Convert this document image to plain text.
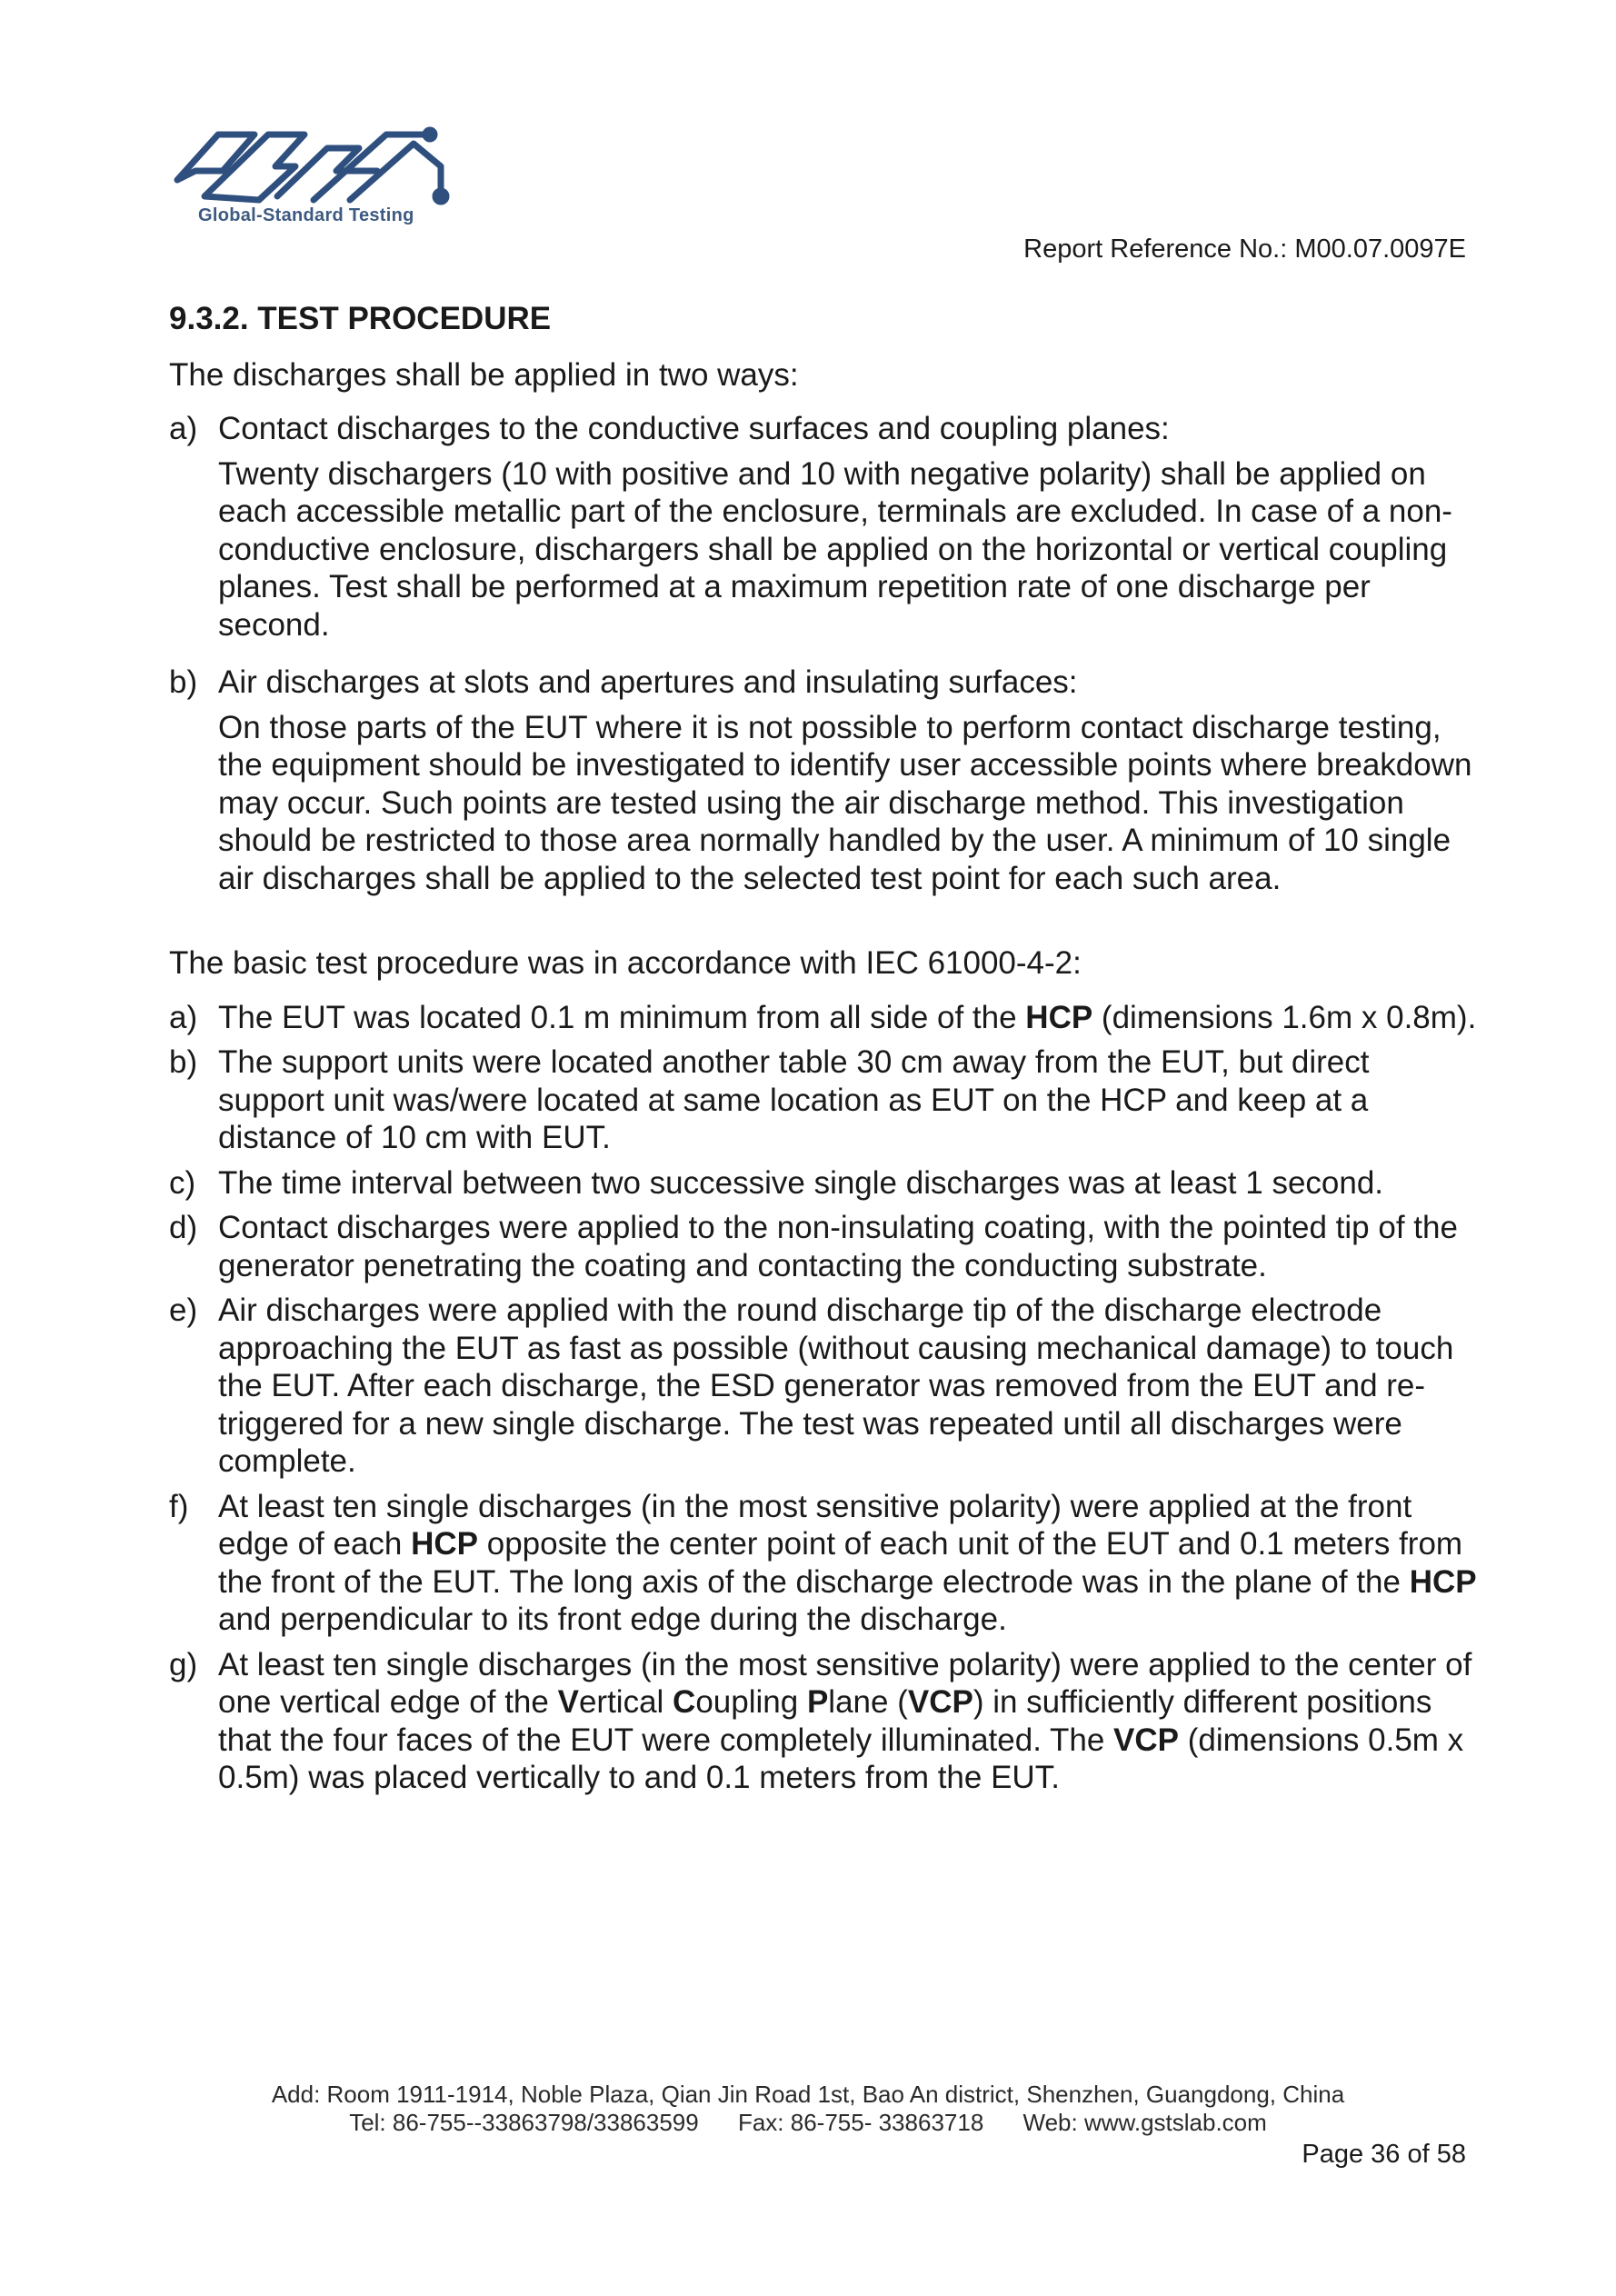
Global-Standard Testing
Report Reference No.: M00.07.0097E
9.3.2. TEST PROCEDURE
The discharges shall be applied in two ways:
a) Contact discharges to the conductive surfaces and coupling planes:
Twenty dischargers (10 with positive and 10 with negative polarity) shall be applied on each accessible metallic part of the enclosure, terminals are excluded. In case of a non-conductive enclosure, dischargers shall be applied on the horizontal or vertical coupling planes. Test shall be performed at a maximum repetition rate of one discharge per second.
b) Air discharges at slots and apertures and insulating surfaces:
On those parts of the EUT where it is not possible to perform contact discharge testing, the equipment should be investigated to identify user accessible points where breakdown may occur. Such points are tested using the air discharge method. This investigation should be restricted to those area normally handled by the user. A minimum of 10 single air discharges shall be applied to the selected test point for each such area.
The basic test procedure was in accordance with IEC 61000-4-2:
a) The EUT was located 0.1 m minimum from all side of the HCP (dimensions 1.6m x 0.8m).
b) The support units were located another table 30 cm away from the EUT, but direct support unit was/were located at same location as EUT on the HCP and keep at a distance of 10 cm with EUT.
c) The time interval between two successive single discharges was at least 1 second.
d) Contact discharges were applied to the non-insulating coating, with the pointed tip of the generator penetrating the coating and contacting the conducting substrate.
e) Air discharges were applied with the round discharge tip of the discharge electrode approaching the EUT as fast as possible (without causing mechanical damage) to touch the EUT. After each discharge, the ESD generator was removed from the EUT and re-triggered for a new single discharge. The test was repeated until all discharges were complete.
f) At least ten single discharges (in the most sensitive polarity) were applied at the front edge of each HCP opposite the center point of each unit of the EUT and 0.1 meters from the front of the EUT. The long axis of the discharge electrode was in the plane of the HCP and perpendicular to its front edge during the discharge.
g) At least ten single discharges (in the most sensitive polarity) were applied to the center of one vertical edge of the Vertical Coupling Plane (VCP) in sufficiently different positions that the four faces of the EUT were completely illuminated. The VCP (dimensions 0.5m x 0.5m) was placed vertically to and 0.1 meters from the EUT.
Add: Room 1911-1914, Noble Plaza, Qian Jin Road 1st, Bao An district, Shenzhen, Guangdong, China
Tel: 86-755--33863798/33863599 Fax: 86-755- 33863718 Web: www.gstslab.com
Page 36 of 58
